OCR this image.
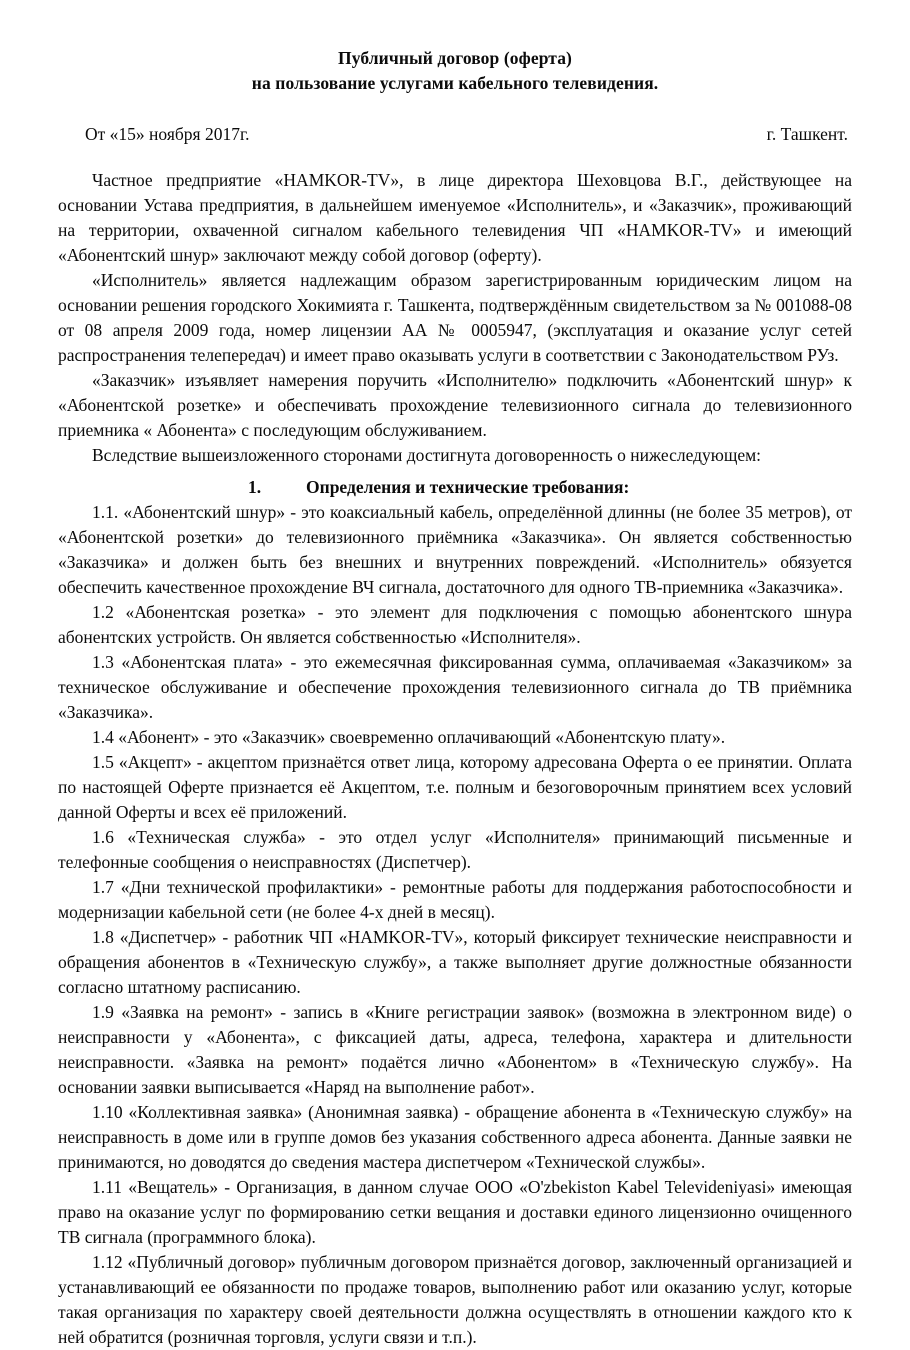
Публичный договор (оферта)
на пользование услугами кабельного телевидения.
От «15» ноября 2017г.	г. Ташкент.

Частное предприятие «HAMKOR-TV», в лице директора Шеховцова В.Г., действующее на основании Устава предприятия, в дальнейшем именуемое «Исполнитель», и «Заказчик», проживающий на территории, охваченной сигналом кабельного телевидения ЧП «HAMKOR-TV» и имеющий «Абонентский шнур» заключают между собой договор (оферту).

«Исполнитель» является надлежащим образом зарегистрированным юридическим лицом на основании решения городского Хокимията г. Ташкента, подтверждённым свидетельством за № 001088-08 от 08 апреля 2009 года, номер лицензии АА № 0005947, (эксплуатация и оказание услуг сетей распространения телепередач) и имеет право оказывать услуги в соответствии с Законодательством РУз.

«Заказчик» изъявляет намерения поручить «Исполнителю» подключить «Абонентский шнур» к «Абонентской розетке» и обеспечивать прохождение телевизионного сигнала до телевизионного приемника « Абонента» с последующим обслуживанием.

Вследствие вышеизложенного сторонами достигнута договоренность о нижеследующем:

1.	Определения и технические требования:

1.1. «Абонентский шнур» - это коаксиальный кабель, определённой длинны (не более 35 метров), от «Абонентской розетки» до телевизионного приёмника «Заказчика». Он является собственностью «Заказчика» и должен быть без внешних и внутренних повреждений. «Исполнитель» обязуется обеспечить качественное прохождение ВЧ сигнала, достаточного для одного ТВ-приемника «Заказчика».

1.2 «Абонентская розетка» - это элемент для подключения с помощью абонентского шнура абонентских устройств. Он является собственностью «Исполнителя».

1.3 «Абонентская плата» - это ежемесячная фиксированная сумма, оплачиваемая «Заказчиком» за техническое обслуживание и обеспечение прохождения телевизионного сигнала до ТВ приёмника «Заказчика».

1.4 «Абонент» - это «Заказчик» своевременно оплачивающий «Абонентскую плату».

1.5 «Акцепт» - акцептом признаётся ответ лица, которому адресована Оферта о ее принятии. Оплата по настоящей Оферте признается её Акцептом, т.е. полным и безоговорочным принятием всех условий данной Оферты и всех её приложений.

1.6 «Техническая служба» - это отдел услуг «Исполнителя» принимающий письменные и телефонные сообщения о неисправностях (Диспетчер).

1.7 «Дни технической профилактики» - ремонтные работы для поддержания работоспособности и модернизации кабельной сети (не более 4-х дней в месяц).

1.8 «Диспетчер» - работник ЧП «HAMKOR-TV», который фиксирует технические неисправности и обращения абонентов в «Техническую службу», а также выполняет другие должностные обязанности согласно штатному расписанию.

1.9 «Заявка на ремонт» - запись в «Книге регистрации заявок» (возможна в электронном виде) о неисправности у «Абонента», с фиксацией даты, адреса, телефона, характера и длительности неисправности. «Заявка на ремонт» подаётся лично «Абонентом» в «Техническую службу». На основании заявки выписывается «Наряд на выполнение работ».

1.10 «Коллективная заявка» (Анонимная заявка) - обращение абонента в «Техническую службу» на неисправность в доме или в группе домов без указания собственного адреса абонента. Данные заявки не принимаются, но доводятся до сведения мастера диспетчером «Технической службы».

1.11 «Вещатель» - Организация, в данном случае ООО «O'zbekiston Kabel Televideniyasi» имеющая право на оказание услуг по формированию сетки вещания и доставки единого лицензионно очищенного ТВ сигнала (программного блока).

1.12 «Публичный договор» публичным договором признаётся договор, заключенный организацией и устанавливающий ее обязанности по продаже товаров, выполнению работ или оказанию услуг, которые такая организация по характеру своей деятельности должна осуществлять в отношении каждого кто к ней обратится (розничная торговля, услуги связи и т.п.).
